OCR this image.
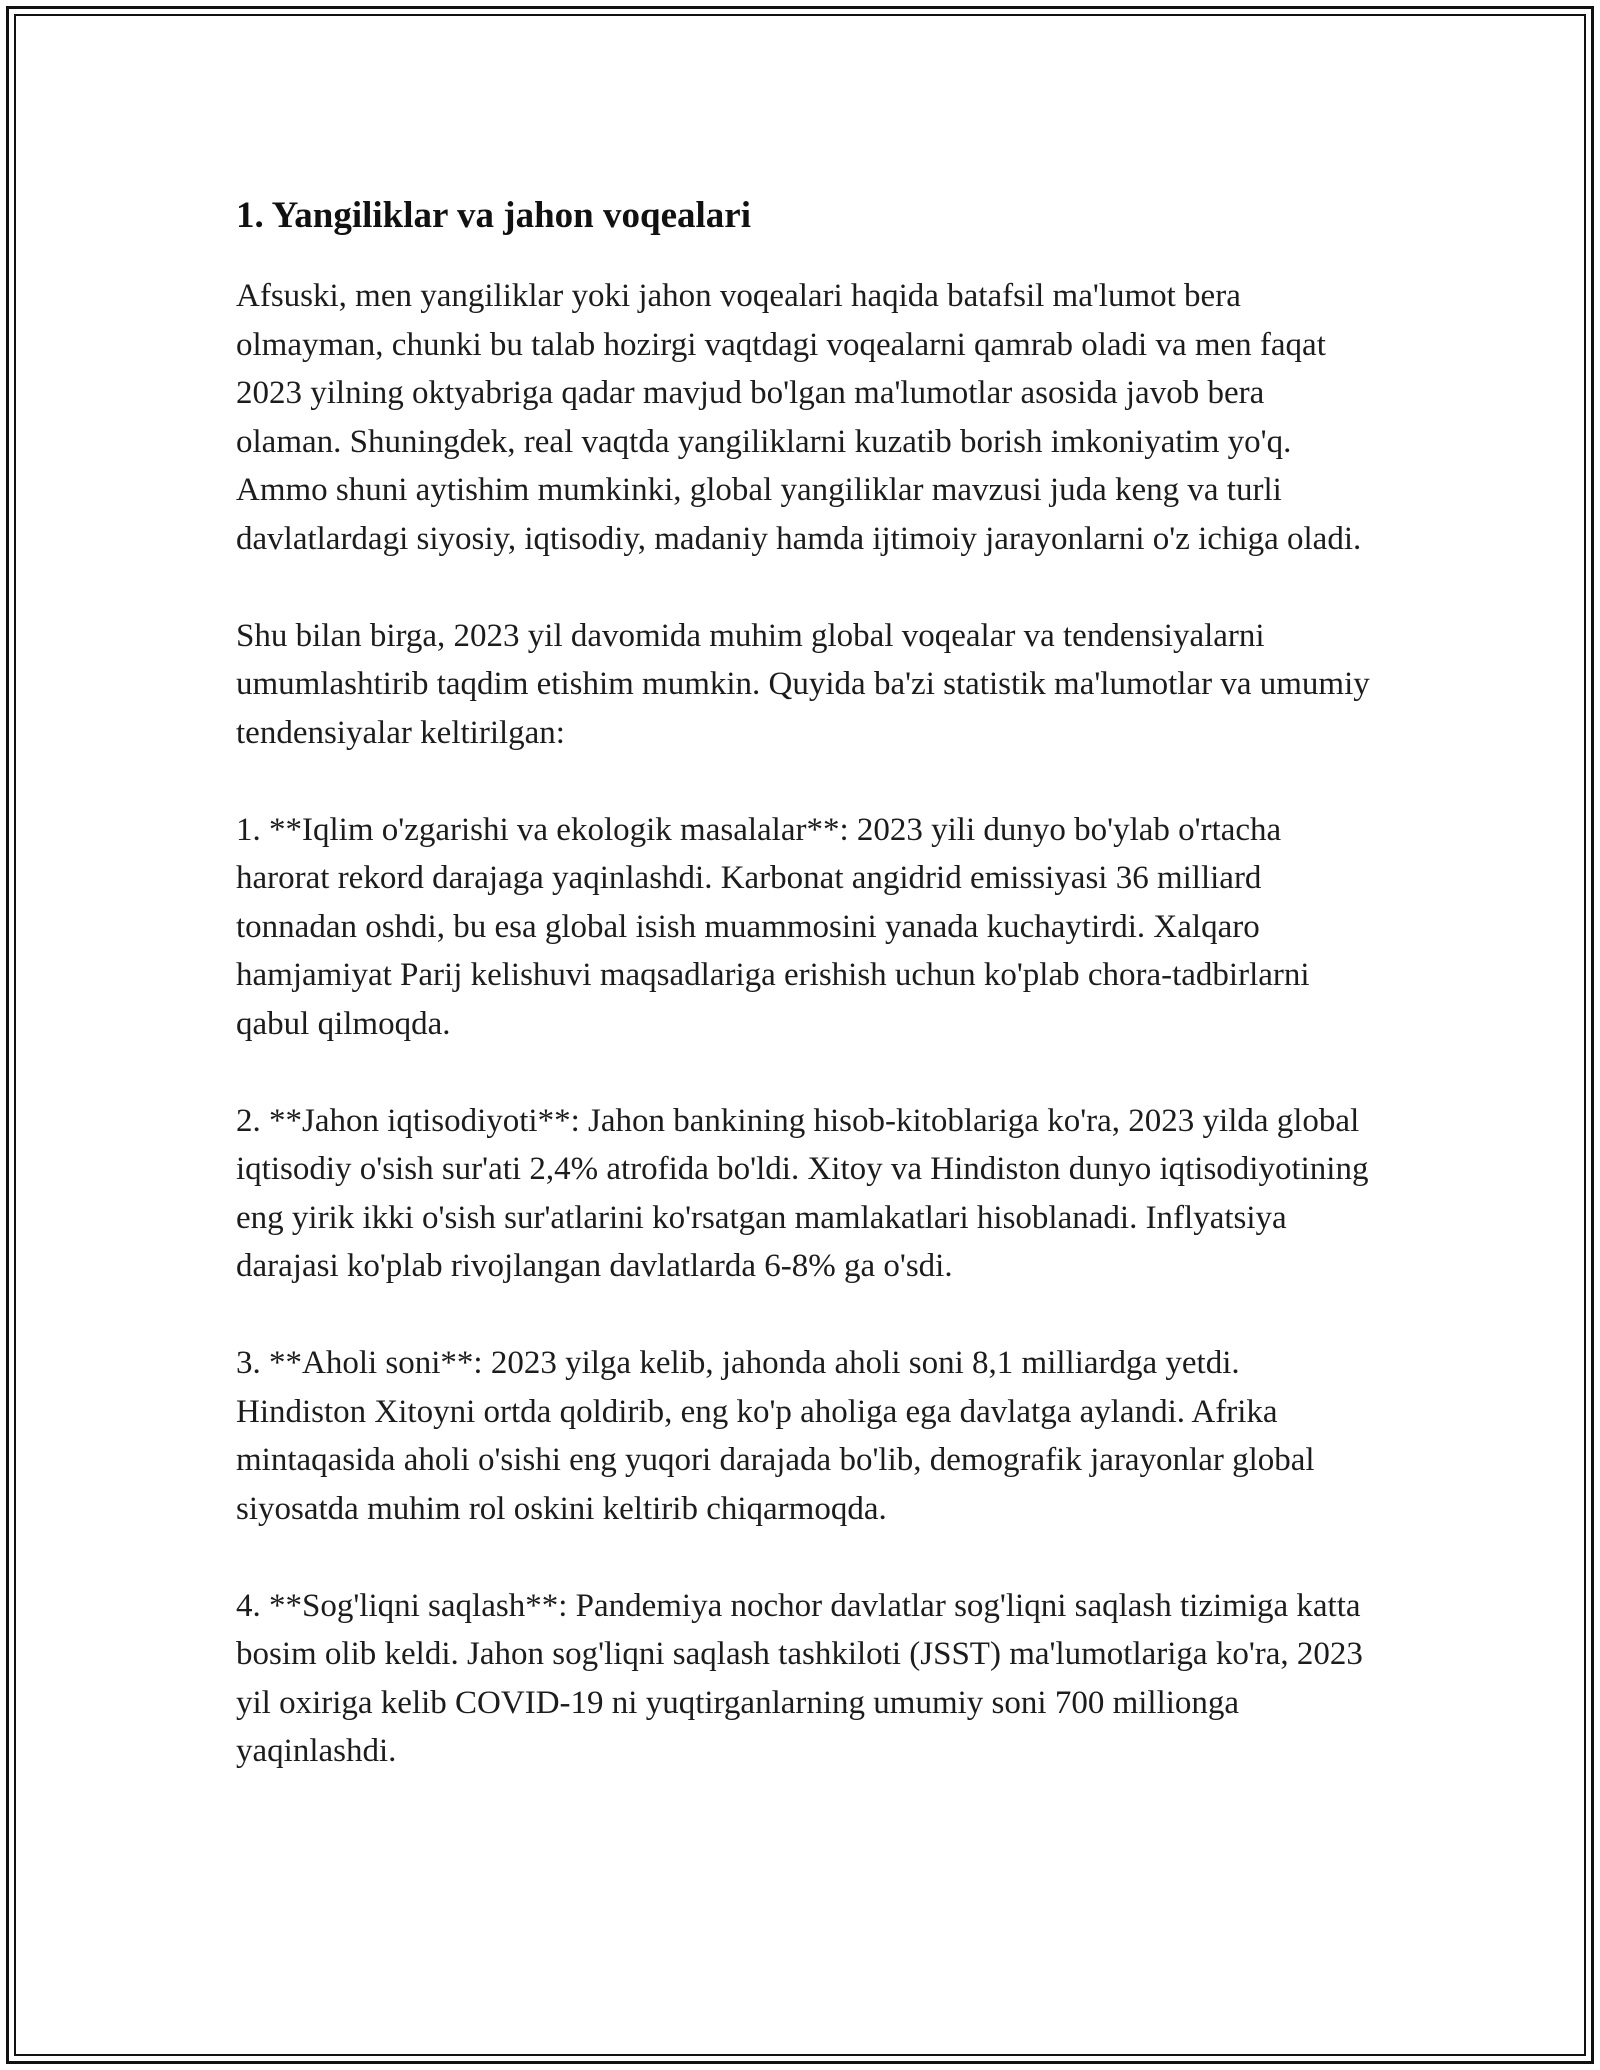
1. Yangiliklar va jahon voqealari

Afsuski, men yangiliklar yoki jahon voqealari haqida batafsil ma'lumot bera olmayman, chunki bu talab hozirgi vaqtdagi voqealarni qamrab oladi va men faqat 2023 yilning oktyabriga qadar mavjud bo'lgan ma'lumotlar asosida javob bera olaman. Shuningdek, real vaqtda yangiliklarni kuzatib borish imkoniyatim yo'q. Ammo shuni aytishim mumkinki, global yangiliklar mavzusi juda keng va turli davlatlardagi siyosiy, iqtisodiy, madaniy hamda ijtimoiy jarayonlarni o'z ichiga oladi.

Shu bilan birga, 2023 yil davomida muhim global voqealar va tendensiyalarni umumlashtirib taqdim etishim mumkin. Quyida ba'zi statistik ma'lumotlar va umumiy tendensiyalar keltirilgan:

1. **Iqlim o'zgarishi va ekologik masalalar**: 2023 yili dunyo bo'ylab o'rtacha harorat rekord darajaga yaqinlashdi. Karbonat angidrid emissiyasi 36 milliard tonnadan oshdi, bu esa global isish muammosini yanada kuchaytirdi. Xalqaro hamjamiyat Parij kelishuvi maqsadlariga erishish uchun ko'plab chora-tadbirlarni qabul qilmoqda.

2. **Jahon iqtisodiyoti**: Jahon bankining hisob-kitoblariga ko'ra, 2023 yilda global iqtisodiy o'sish sur'ati 2,4% atrofida bo'ldi. Xitoy va Hindiston dunyo iqtisodiyotining eng yirik ikki o'sish sur'atlarini ko'rsatgan mamlakatlari hisoblanadi. Inflyatsiya darajasi ko'plab rivojlangan davlatlarda 6-8% ga o'sdi.

3. **Aholi soni**: 2023 yilga kelib, jahonda aholi soni 8,1 milliardga yetdi. Hindiston Xitoyni ortda qoldirib, eng ko'p aholiga ega davlatga aylandi. Afrika mintaqasida aholi o'sishi eng yuqori darajada bo'lib, demografik jarayonlar global siyosatda muhim rol oskini keltirib chiqarmoqda.

4. **Sog'liqni saqlash**: Pandemiya nochor davlatlar sog'liqni saqlash tizimiga katta bosim olib keldi. Jahon sog'liqni saqlash tashkiloti (JSST) ma'lumotlariga ko'ra, 2023 yil oxiriga kelib COVID-19 ni yuqtirganlarning umumiy soni 700 millionga yaqinlashdi.
